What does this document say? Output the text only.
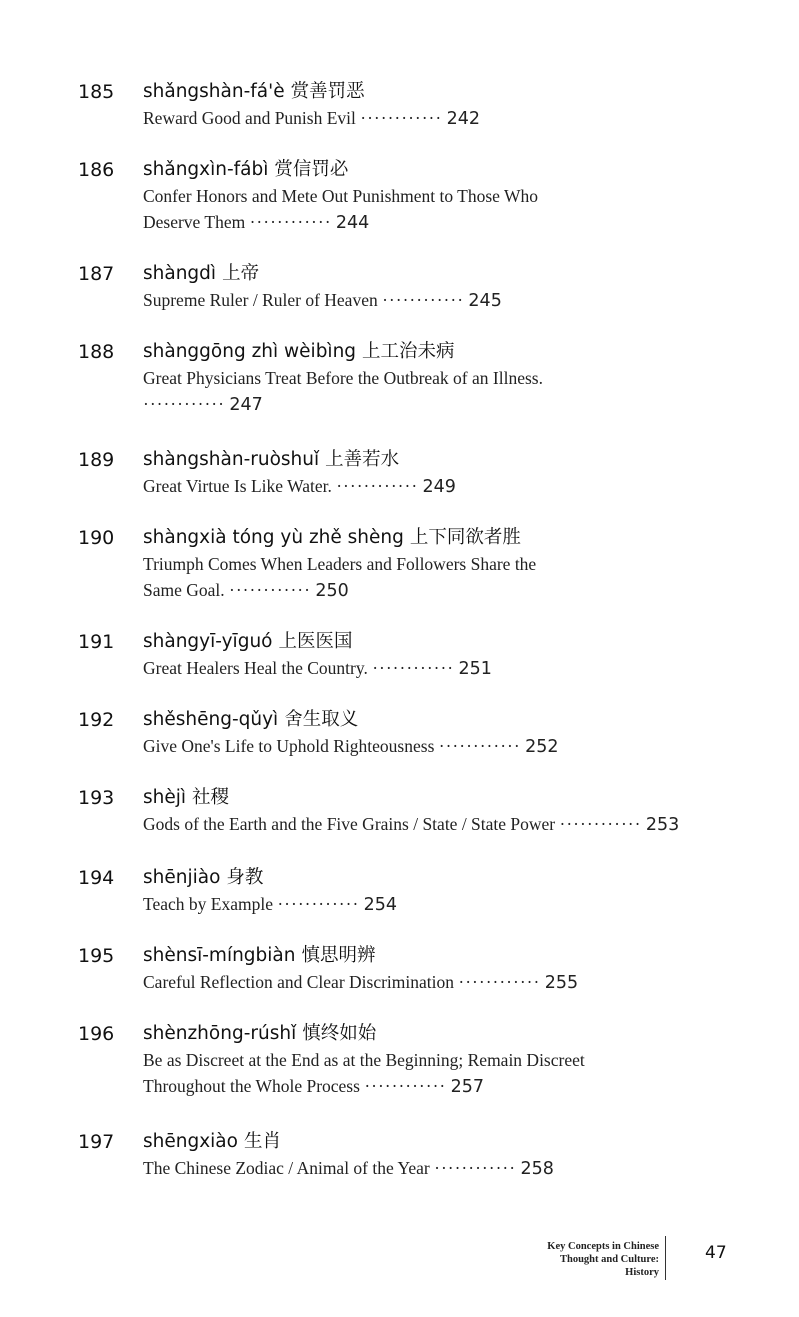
185 shǎngshàn-fá'è 赏善罚恶
Reward Good and Punish Evil ············ 242
186 shǎngxìn-fábì 赏信罚必
Confer Honors and Mete Out Punishment to Those Who
Deserve Them ············ 244
187 shàngdì 上帝
Supreme Ruler / Ruler of Heaven ············ 245
188 shànggōng zhì wèibìng 上工治未病
Great Physicians Treat Before the Outbreak of an Illness.
············ 247
189 shàngshàn-ruòshuǐ 上善若水
Great Virtue Is Like Water. ············ 249
190 shàngxià tóng yù zhě shèng 上下同欲者胜
Triumph Comes When Leaders and Followers Share the
Same Goal. ············ 250
191 shàngyī-yīguó 上医医国
Great Healers Heal the Country. ············ 251
192 shěshēng-qǔyì 舍生取义
Give One's Life to Uphold Righteousness ············ 252
193 shèjì 社稷
Gods of the Earth and the Five Grains / State / State Power ············ 253
194 shēnjiào 身教
Teach by Example ············ 254
195 shènsī-míngbiàn 慎思明辨
Careful Reflection and Clear Discrimination ············ 255
196 shènzhōng-rúshǐ 慎终如始
Be as Discreet at the End as at the Beginning; Remain Discreet
Throughout the Whole Process ············ 257
197 shēngxiào 生肖
The Chinese Zodiac / Animal of the Year ············ 258
Key Concepts in Chinese
Thought and Culture:
History
47
